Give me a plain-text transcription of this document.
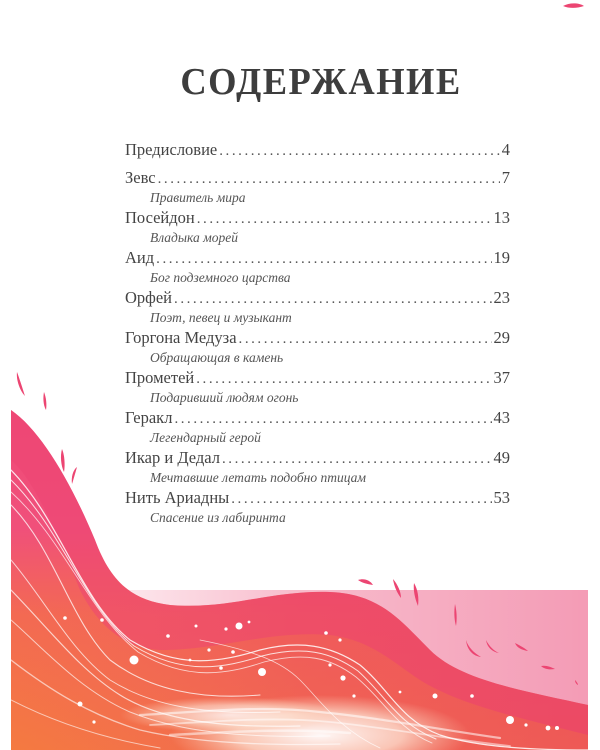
СОДЕРЖАНИЕ
Предисловие . . .	4
Зевс . . .	7
Правитель мира
Посейдон . . .	13
Владыка морей
Аид . . .	19
Бог подземного царства
Орфей . . .	23
Поэт, певец и музыкант
Горгона Медуза . . .	29
Обращающая в камень
Прометей . . .	37
Подаривший людям огонь
Геракл . . .	43
Легендарный герой
Икар и Дедал . . .	49
Мечтавшие летать подобно птицам
Нить Ариадны . . .	53
Спасение из лабиринта
